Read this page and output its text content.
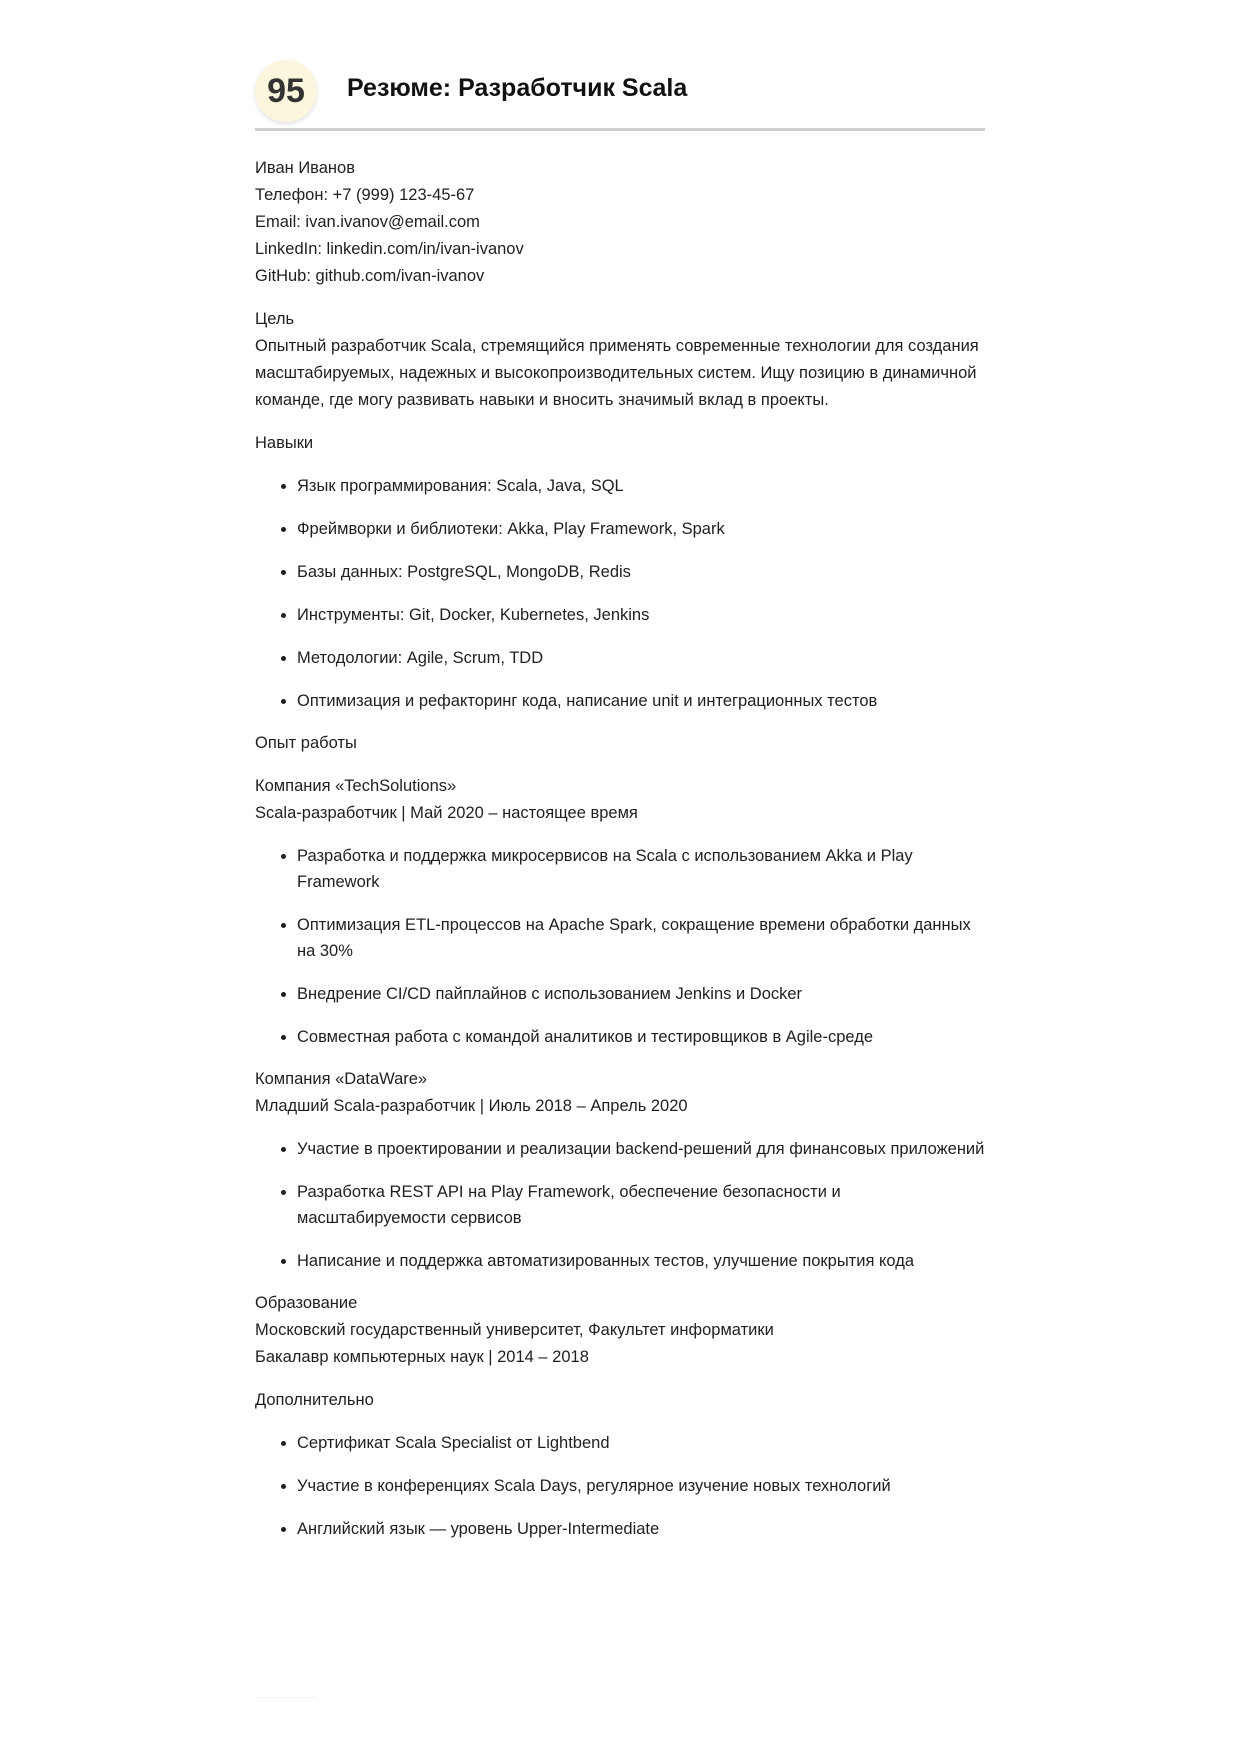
95	Резюме: Разработчик Scala
Иван Иванов
Телефон: +7 (999) 123-45-67
Email: ivan.ivanov@email.com
LinkedIn: linkedin.com/in/ivan-ivanov
GitHub: github.com/ivan-ivanov
Цель
Опытный разработчик Scala, стремящийся применять современные технологии для создания масштабируемых, надежных и высокопроизводительных систем. Ищу позицию в динамичной команде, где могу развивать навыки и вносить значимый вклад в проекты.
Навыки
• Язык программирования: Scala, Java, SQL
• Фреймворки и библиотеки: Akka, Play Framework, Spark
• Базы данных: PostgreSQL, MongoDB, Redis
• Инструменты: Git, Docker, Kubernetes, Jenkins
• Методологии: Agile, Scrum, TDD
• Оптимизация и рефакторинг кода, написание unit и интеграционных тестов
Опыт работы
Компания «TechSolutions»
Scala-разработчик | Май 2020 – настоящее время
• Разработка и поддержка микросервисов на Scala с использованием Akka и Play Framework
• Оптимизация ETL-процессов на Apache Spark, сокращение времени обработки данных на 30%
• Внедрение CI/CD пайплайнов с использованием Jenkins и Docker
• Совместная работа с командой аналитиков и тестировщиков в Agile-среде
Компания «DataWare»
Младший Scala-разработчик | Июль 2018 – Апрель 2020
• Участие в проектировании и реализации backend-решений для финансовых приложений
• Разработка REST API на Play Framework, обеспечение безопасности и масштабируемости сервисов
• Написание и поддержка автоматизированных тестов, улучшение покрытия кода
Образование
Московский государственный университет, Факультет информатики
Бакалавр компьютерных наук | 2014 – 2018
Дополнительно
• Сертификат Scala Specialist от Lightbend
• Участие в конференциях Scala Days, регулярное изучение новых технологий
• Английский язык — уровень Upper-Intermediate
